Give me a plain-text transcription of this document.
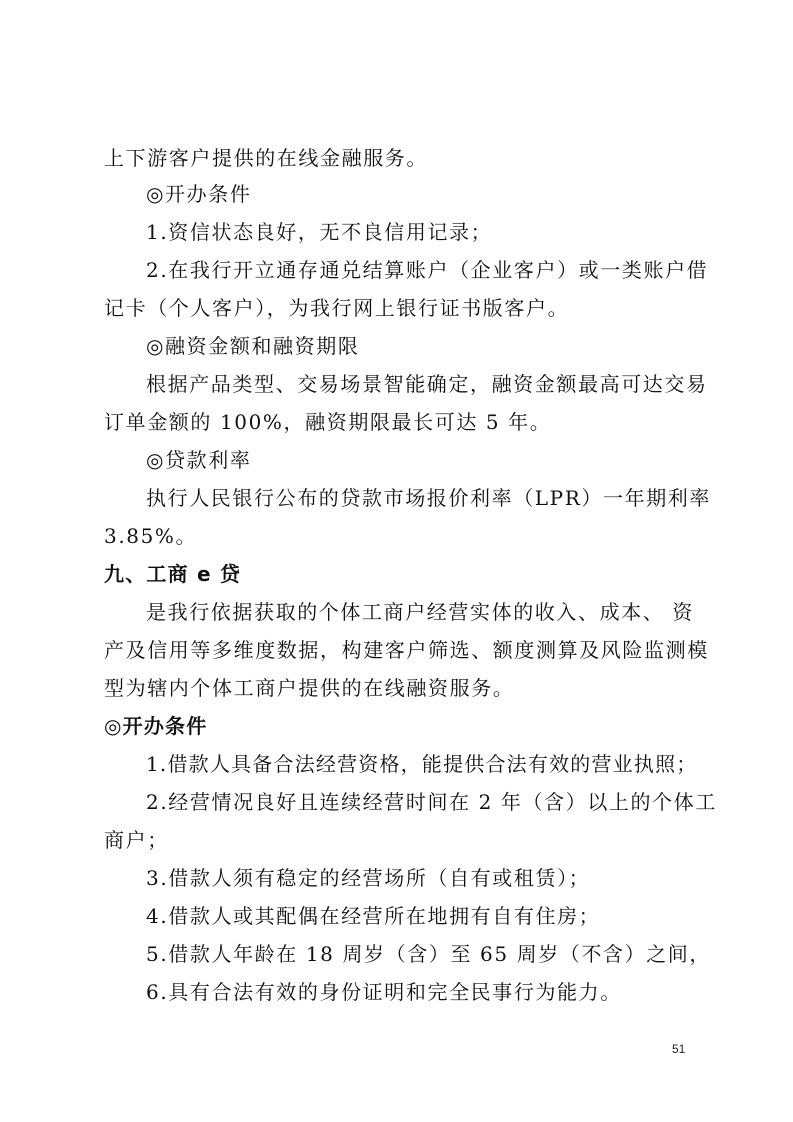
上下游客户提供的在线金融服务。
◎开办条件
1.资信状态良好，无不良信用记录；
2.在我行开立通存通兑结算账户（企业客户）或一类账户借
记卡（个人客户），为我行网上银行证书版客户。
◎融资金额和融资期限
根据产品类型、交易场景智能确定，融资金额最高可达交易
订单金额的 100%，融资期限最长可达 5 年。
◎贷款利率
执行人民银行公布的贷款市场报价利率（LPR）一年期利率
3.85%。
九、工商 e 贷
是我行依据获取的个体工商户经营实体的收入、成本、 资
产及信用等多维度数据，构建客户筛选、额度测算及风险监测模
型为辖内个体工商户提供的在线融资服务。
◎开办条件
1.借款人具备合法经营资格，能提供合法有效的营业执照；
2.经营情况良好且连续经营时间在 2 年（含）以上的个体工
商户；
3.借款人须有稳定的经营场所（自有或租赁）；
4.借款人或其配偶在经营所在地拥有自有住房；
5.借款人年龄在 18 周岁（含）至 65 周岁（不含）之间，
6.具有合法有效的身份证明和完全民事行为能力。
51
